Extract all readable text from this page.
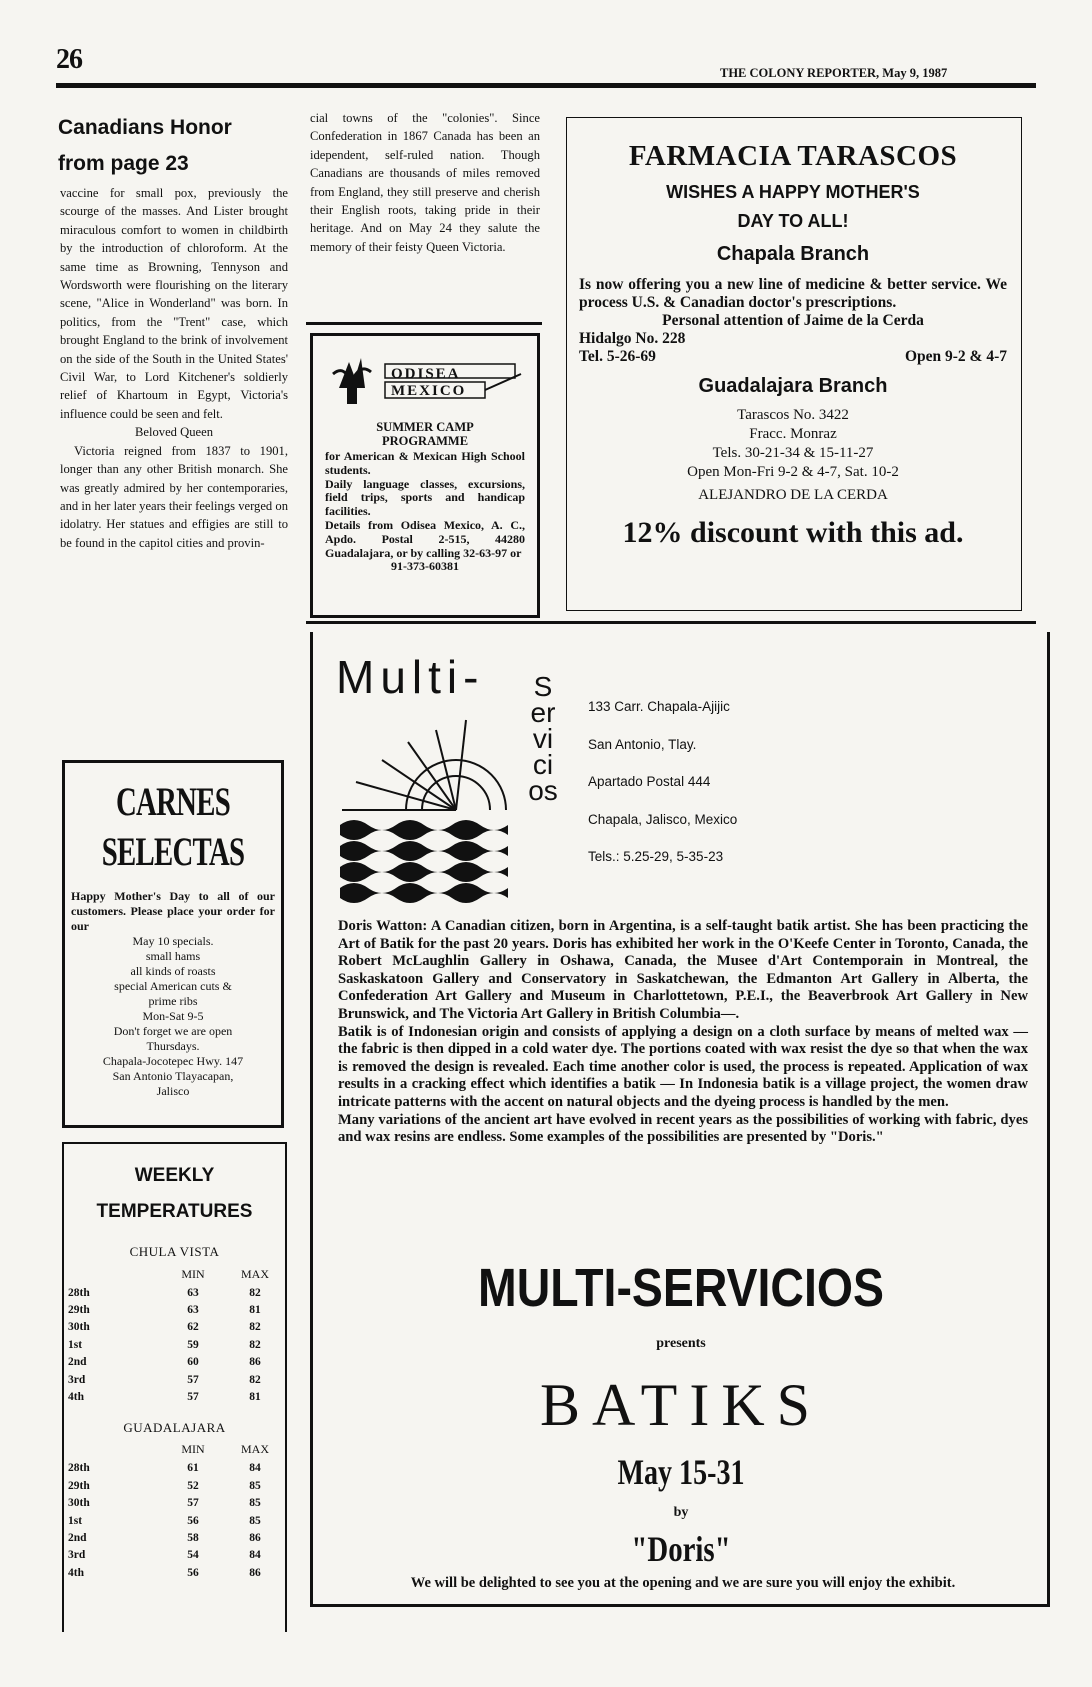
26	THE COLONY REPORTER, May 9, 1987
Canadians Honor
from page 23

vaccine for small pox, previously the scourge of the masses. And Lister brought miraculous comfort to women in childbirth by the introduction of chloroform. At the same time as Browning, Tennyson and Wordsworth were flourishing on the literary scene, "Alice in Wonderland" was born. In politics, from the "Trent" case, which brought England to the brink of involvement on the side of the South in the United States' Civil War, to Lord Kitchener's soldierly relief of Khartoum in Egypt, Victoria's influence could be seen and felt.

Beloved Queen

Victoria reigned from 1837 to 1901, longer than any other British monarch. She was greatly admired by her contemporaries, and in her later years their feelings verged on idolatry. Her statues and effigies are still to be found in the capitol cities and provin-

cial towns of the "colonies". Since Confederation in 1867 Canada has been an idependent, self-ruled nation. Though Canadians are thousands of miles removed from England, they still preserve and cherish their English roots, taking pride in their heritage. And on May 24 they salute the memory of their feisty Queen Victoria.

ODISEA MEXICO
SUMMER CAMP
PROGRAMME
for American & Mexican High School students.
Daily language classes, excursions, field trips, sports and handicap facilities.
Details from Odisea Mexico, A. C., Apdo. Postal 2-515, 44280 Guadalajara, or by calling 32-63-97 or
91-373-60381
FARMACIA TARASCOS
WISHES A HAPPY MOTHER'S
DAY TO ALL!
Chapala Branch
Is now offering you a new line of medicine & better service. We process U.S. & Canadian doctor's prescriptions.
Personal attention of Jaime de la Cerda
Hidalgo No. 228
Tel. 5-26-69	Open 9-2 & 4-7
Guadalajara Branch
Tarascos No. 3422
Fracc. Monraz
Tels. 30-21-34 & 15-11-27
Open Mon-Fri 9-2 & 4-7, Sat. 10-2
ALEJANDRO DE LA CERDA
12% discount with this ad.
CARNES
SELECTAS
Happy Mother's Day to all of our customers. Please place your order for our
May 10 specials.
small hams
all kinds of roasts
special American cuts &
prime ribs
Mon-Sat 9-5
Don't forget we are open
Thursdays.
Chapala-Jocotepec Hwy. 147
San Antonio Tlayacapan,
Jalisco
WEEKLY
TEMPERATURES
CHULA VISTA
	MIN	MAX
28th	63	82
29th	63	81
30th	62	82
1st	59	82
2nd	60	86
3rd	57	82
4th	57	81
GUADALAJARA
	MIN	MAX
28th	61	84
29th	52	85
30th	57	85
1st	56	85
2nd	58	86
3rd	54	84
4th	56	86
Multi- Servicios
133 Carr. Chapala-Ajijic
San Antonio, Tlay.
Apartado Postal 444
Chapala, Jalisco, Mexico
Tels.: 5.25-29, 5-35-23
Doris Watton: A Canadian citizen, born in Argentina, is a self-taught batik artist. She has been practicing the Art of Batik for the past 20 years. Doris has exhibited her work in the O'Keefe Center in Toronto, Canada, the Robert McLaughlin Gallery in Oshawa, Canada, the Musee d'Art Contemporain in Montreal, the Saskaskatoon Gallery and Conservatory in Saskatchewan, the Edmanton Art Gallery in Alberta, the Confederation Art Gallery and Museum in Charlottetown, P.E.I., the Beaverbrook Art Gallery in New Brunswick, and The Victoria Art Gallery in British Columbia—.
Batik is of Indonesian origin and consists of applying a design on a cloth surface by means of melted wax — the fabric is then dipped in a cold water dye. The portions coated with wax resist the dye so that when the wax is removed the design is revealed. Each time another color is used, the process is repeated. Application of wax results in a cracking effect which identifies a batik — In Indonesia batik is a village project, the women draw intricate patterns with the accent on natural objects and the dyeing process is handled by the men.
Many variations of the ancient art have evolved in recent years as the possibilities of working with fabric, dyes and wax resins are endless. Some examples of the possibilities are presented by "Doris."
MULTI-SERVICIOS
presents
BATIKS
May 15-31
by
"Doris"
We will be delighted to see you at the opening and we are sure you will enjoy the exhibit.
